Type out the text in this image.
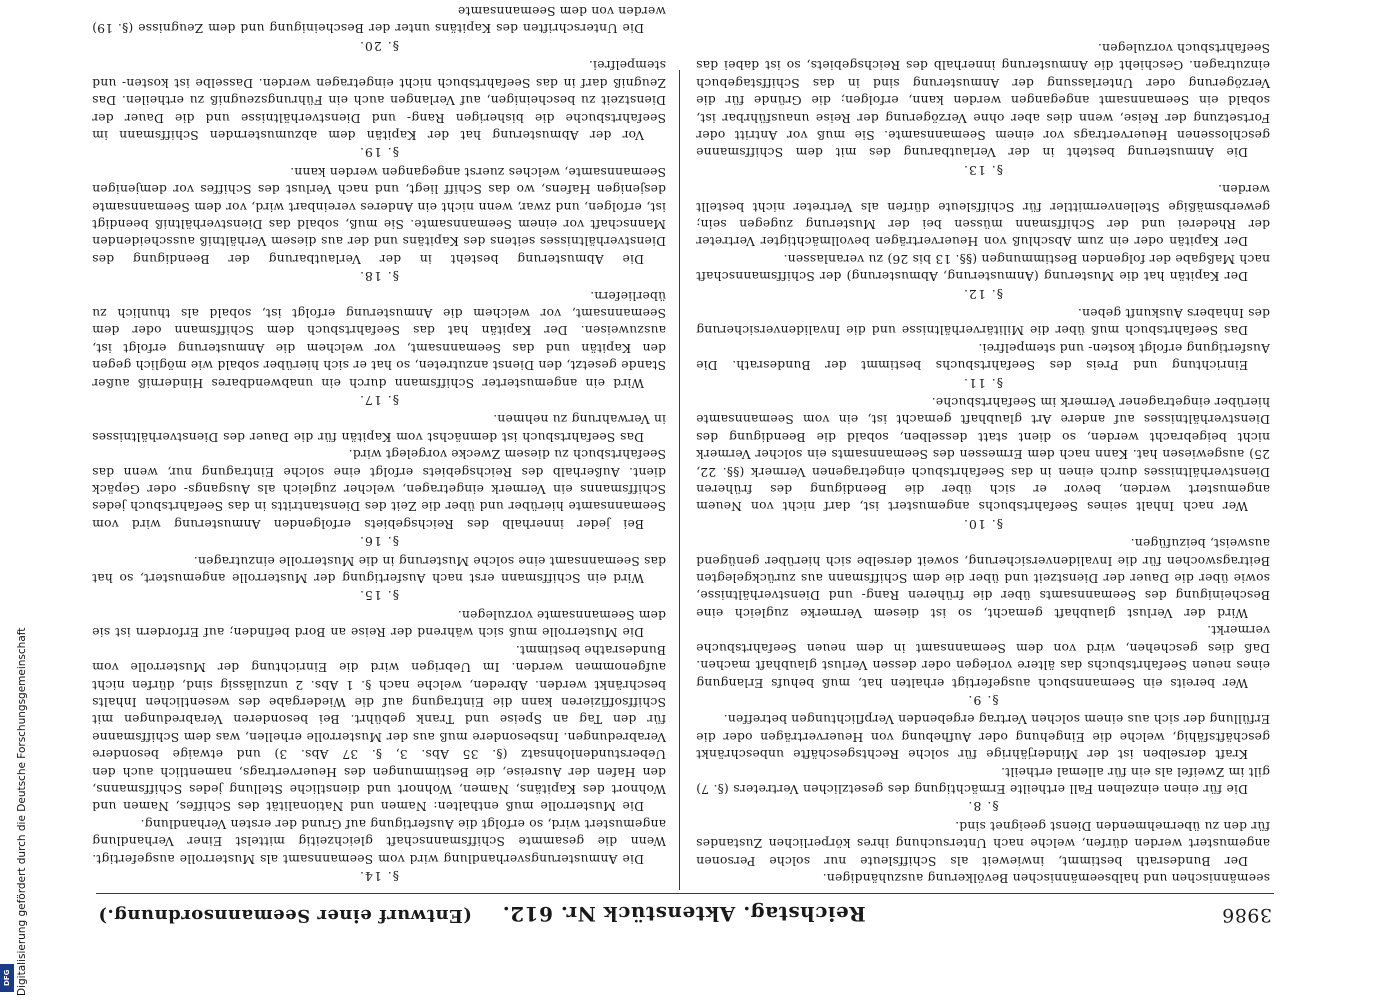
3986
Reichstag. Aktenstück Nr. 612.
(Entwurf einer Seemannsordnung.)

seemännischen und halbseemännischen Bevölkerung auszuhändigen.

Der Bundesrath bestimmt, inwieweit als Schiffsleute nur solche Personen angemustert werden dürfen, welche nach Untersuchung ihres körperlichen Zustandes für den zu übernehmenden Dienst geeignet sind.

§. 8.

Die für einen einzelnen Fall ertheilte Ermächtigung des gesetzlichen Vertreters (§. 7) gilt im Zweifel als ein für allemal ertheilt.

Kraft derselben ist der Minderjährige für solche Rechtsgeschäfte unbeschränkt geschäftsfähig, welche die Eingehung oder Aufhebung von Heuerverträgen oder die Erfüllung der sich aus einem solchen Vertrag ergebenden Verpflichtungen betreffen.

§. 9.

Wer bereits ein Seemannsbuch ausgefertigt erhalten hat, muß behufs Erlangung eines neuen Seefahrtsbuchs das ältere vorlegen oder dessen Verlust glaubhaft machen. Daß dies geschehen, wird von dem Seemannsamt in dem neuen Seefahrtsbuche vermerkt.

Wird der Verlust glaubhaft gemacht, so ist diesem Vermerke zugleich eine Bescheinigung des Seemannsamts über die früheren Rang- und Dienstverhältnisse, sowie über die Dauer der Dienstzeit und über die dem Schiffsmann aus zurückgelegten Beitragswochen für die Invalidenversicherung, soweit derselbe sich hierüber genügend ausweist, beizufügen.

§. 10.

Wer nach Inhalt seines Seefahrtsbuchs angemustert ist, darf nicht von Neuem angemustert werden, bevor er sich über die Beendigung des früheren Dienstverhältnisses durch einen in das Seefahrtsbuch eingetragenen Vermerk (§§. 22, 25) ausgewiesen hat. Kann nach dem Ermessen des Seemannsamts ein solcher Vermerk nicht beigebracht werden, so dient statt desselben, sobald die Beendigung des Dienstverhältnisses auf andere Art glaubhaft gemacht ist, ein vom Seemannsamte hierüber eingetragener Vermerk im Seefahrtsbuche.

§. 11.

Einrichtung und Preis des Seefahrtsbuchs bestimmt der Bundesrath. Die Ausfertigung erfolgt kosten- und stempelfrei.

Das Seefahrtsbuch muß über die Militärverhältnisse und die Invalidenversicherung des Inhabers Auskunft geben.

§. 12.

Der Kapitän hat die Musterung (Anmusterung, Abmusterung) der Schiffsmannschaft nach Maßgabe der folgenden Bestimmungen (§§. 13 bis 26) zu veranlassen.

Der Kapitän oder ein zum Abschluß von Heuerverträgen bevollmächtigter Vertreter der Rhederei und der Schiffsmann müssen bei der Musterung zugegen sein; gewerbsmäßige Stellenvermittler für Schiffsleute dürfen als Vertreter nicht bestellt werden.

§. 13.

Die Anmusterung besteht in der Verlautbarung des mit dem Schiffsmanne geschlossenen Heuervertrags vor einem Seemannsamte. Sie muß vor Antritt oder Fortsetzung der Reise, wenn dies aber ohne Verzögerung der Reise unausführbar ist, sobald ein Seemannsamt angegangen werden kann, erfolgen; die Gründe für die Verzögerung oder Unterlassung der Anmusterung sind in das Schiffstagebuch einzutragen. Geschieht die Anmusterung innerhalb des Reichsgebiets, so ist dabei das Seefahrtsbuch vorzulegen.

§. 14.

Die Anmusterungsverhandlung wird vom Seemannsamt als Musterrolle ausgefertigt. Wenn die gesammte Schiffsmannschaft gleichzeitig mittelst Einer Verhandlung angemustert wird, so erfolgt die Ausfertigung auf Grund der ersten Verhandlung.

Die Musterrolle muß enthalten: Namen und Nationalität des Schiffes, Namen und Wohnort des Kapitäns, Namen, Wohnort und dienstliche Stellung jedes Schiffsmanns, den Hafen der Ausreise, die Bestimmungen des Heuervertrags, namentlich auch den Ueberstundenlohnsatz (§. 35 Abs. 3, §. 37 Abs. 3) und etwaige besondere Verabredungen. Insbesondere muß aus der Musterrolle erhellen, was dem Schiffsmanne für den Tag an Speise und Trank gebührt. Bei besonderen Verabredungen mit Schiffsoffizieren kann die Eintragung auf die Wiedergabe des wesentlichen Inhalts beschränkt werden. Abreden, welche nach §. 1 Abs. 2 unzulässig sind, dürfen nicht aufgenommen werden. Im Uebrigen wird die Einrichtung der Musterrolle vom Bundesrathe bestimmt.

Die Musterrolle muß sich während der Reise an Bord befinden; auf Erfordern ist sie dem Seemannsamte vorzulegen.

§. 15.

Wird ein Schiffsmann erst nach Ausfertigung der Musterrolle angemustert, so hat das Seemannsamt eine solche Musterung in die Musterrolle einzutragen.

§. 16.

Bei jeder innerhalb des Reichsgebiets erfolgenden Anmusterung wird vom Seemannsamte hierüber und über die Zeit des Dienstantritts in das Seefahrtsbuch jedes Schiffsmanns ein Vermerk eingetragen, welcher zugleich als Ausgangs- oder Gepäck dient. Außerhalb des Reichsgebiets erfolgt eine solche Eintragung nur, wenn das Seefahrtsbuch zu diesem Zwecke vorgelegt wird.

Das Seefahrtsbuch ist demnächst vom Kapitän für die Dauer des Dienstverhältnisses in Verwahrung zu nehmen.

§. 17.

Wird ein angemusterter Schiffsmann durch ein unabwendbares Hinderniß außer Stande gesetzt, den Dienst anzutreten, so hat er sich hierüber sobald wie möglich gegen den Kapitän und das Seemannsamt, vor welchem die Anmusterung erfolgt ist, auszuweisen. Der Kapitän hat das Seefahrtsbuch dem Schiffsmann oder dem Seemannsamt, vor welchem die Anmusterung erfolgt ist, sobald als thunlich zu überliefern.

§. 18.

Die Abmusterung besteht in der Verlautbarung der Beendigung des Dienstverhältnisses seitens des Kapitäns und der aus diesem Verhältniß ausscheidenden Mannschaft vor einem Seemannsamte. Sie muß, sobald das Dienstverhältniß beendigt ist, erfolgen, und zwar, wenn nicht ein Anderes vereinbart wird, vor dem Seemannsamte desjenigen Hafens, wo das Schiff liegt, und nach Verlust des Schiffes vor demjenigen Seemannsamte, welches zuerst angegangen werden kann.

§. 19.

Vor der Abmusterung hat der Kapitän dem abzumusternden Schiffsmann im Seefahrtsbuche die bisherigen Rang- und Dienstverhältnisse und die Dauer der Dienstzeit zu bescheinigen, auf Verlangen auch ein Führungszeugniß zu ertheilen. Das Zeugniß darf in das Seefahrtsbuch nicht eingetragen werden. Dasselbe ist kosten- und stempelfrei.

§. 20.

Die Unterschriften des Kapitäns unter der Bescheinigung und dem Zeugnisse (§. 19) werden von dem Seemannsamte

Digitalisierung gefördert durch die Deutsche Forschungsgemeinschaft
DFG
